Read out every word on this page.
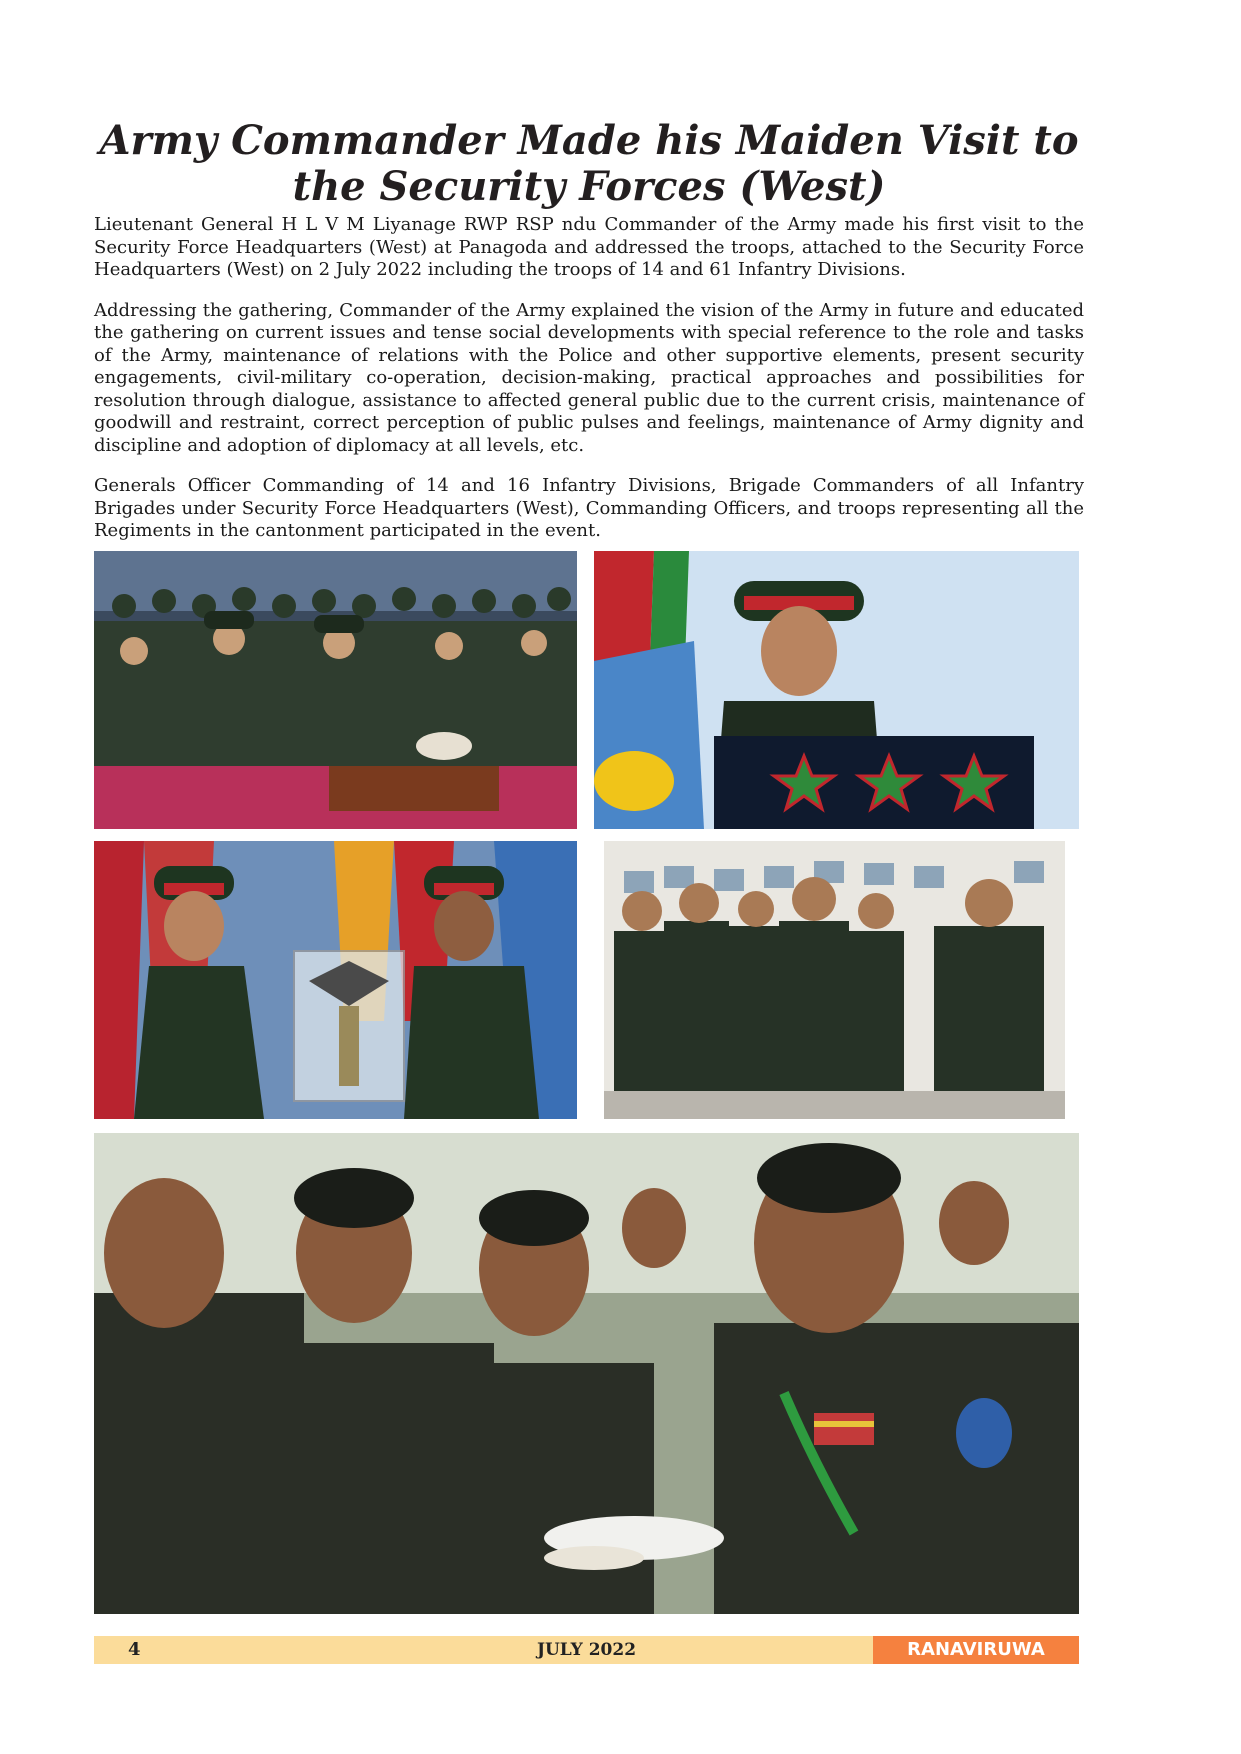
Army Commander Made his Maiden Visit to the Security Forces (West)

Lieutenant General H L V M Liyanage RWP RSP ndu Commander of the Army made his first visit to the Security Force Headquarters (West) at Panagoda and addressed the troops, attached to the Security Force Headquarters (West) on 2 July 2022 including the troops of 14 and 61 Infantry Divisions.

Addressing the gathering, Commander of the Army explained the vision of the Army in future and educated the gathering on current issues and tense social developments with special reference to the role and tasks of the Army, maintenance of relations with the Police and other supportive elements, present security engagements, civil-military co-operation, decision-making, practical approaches and possibilities for resolution through dialogue, assistance to affected general public due to the current crisis, maintenance of goodwill and restraint, correct perception of public pulses and feelings, maintenance of Army dignity and discipline and adoption of diplomacy at all levels, etc.

Generals Officer Commanding of 14 and 16 Infantry Divisions, Brigade Commanders of all Infantry Brigades under Security Force Headquarters (West), Commanding Officers, and troops representing all the Regiments in the cantonment participated in the event.

4	JULY 2022	RANAVIRUWA
